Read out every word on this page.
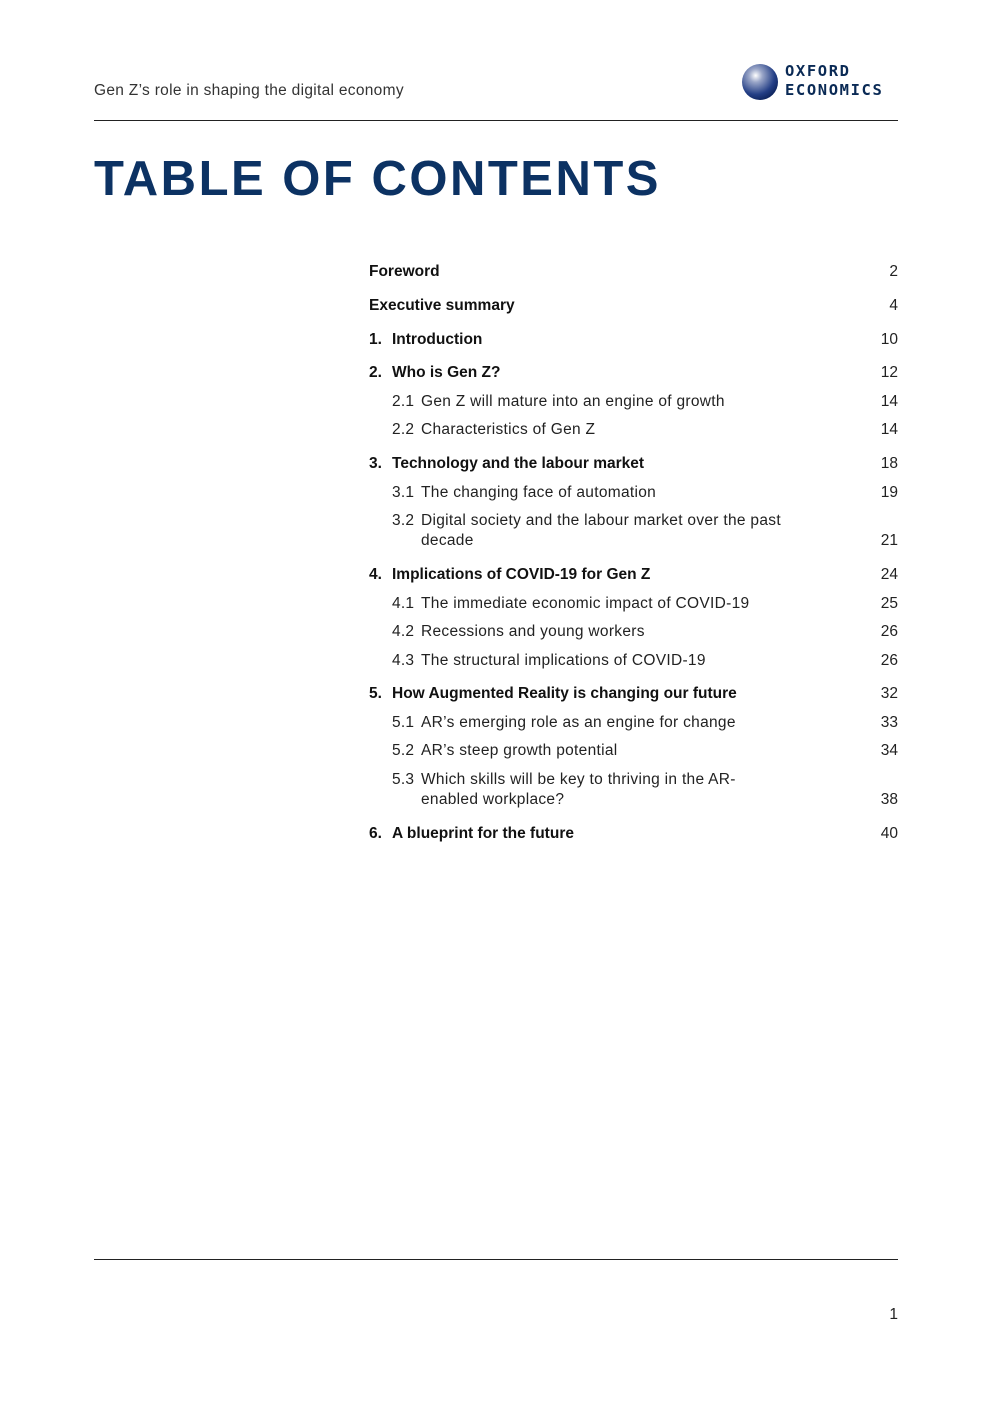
Gen Z’s role in shaping the digital economy
OXFORD
ECONOMICS
TABLE OF CONTENTS
Foreword	2
Executive summary	4
1. Introduction	10
2. Who is Gen Z?	12
2.1 Gen Z will mature into an engine of growth	14
2.2 Characteristics of Gen Z	14
3. Technology and the labour market	18
3.1 The changing face of automation	19
3.2 Digital society and the labour market over the past decade	21
4. Implications of COVID-19 for Gen Z	24
4.1 The immediate economic impact of COVID-19	25
4.2 Recessions and young workers	26
4.3 The structural implications of COVID-19	26
5. How Augmented Reality is changing our future	32
5.1 AR’s emerging role as an engine for change	33
5.2 AR’s steep growth potential	34
5.3 Which skills will be key to thriving in the AR-enabled workplace?	38
6. A blueprint for the future	40
1
